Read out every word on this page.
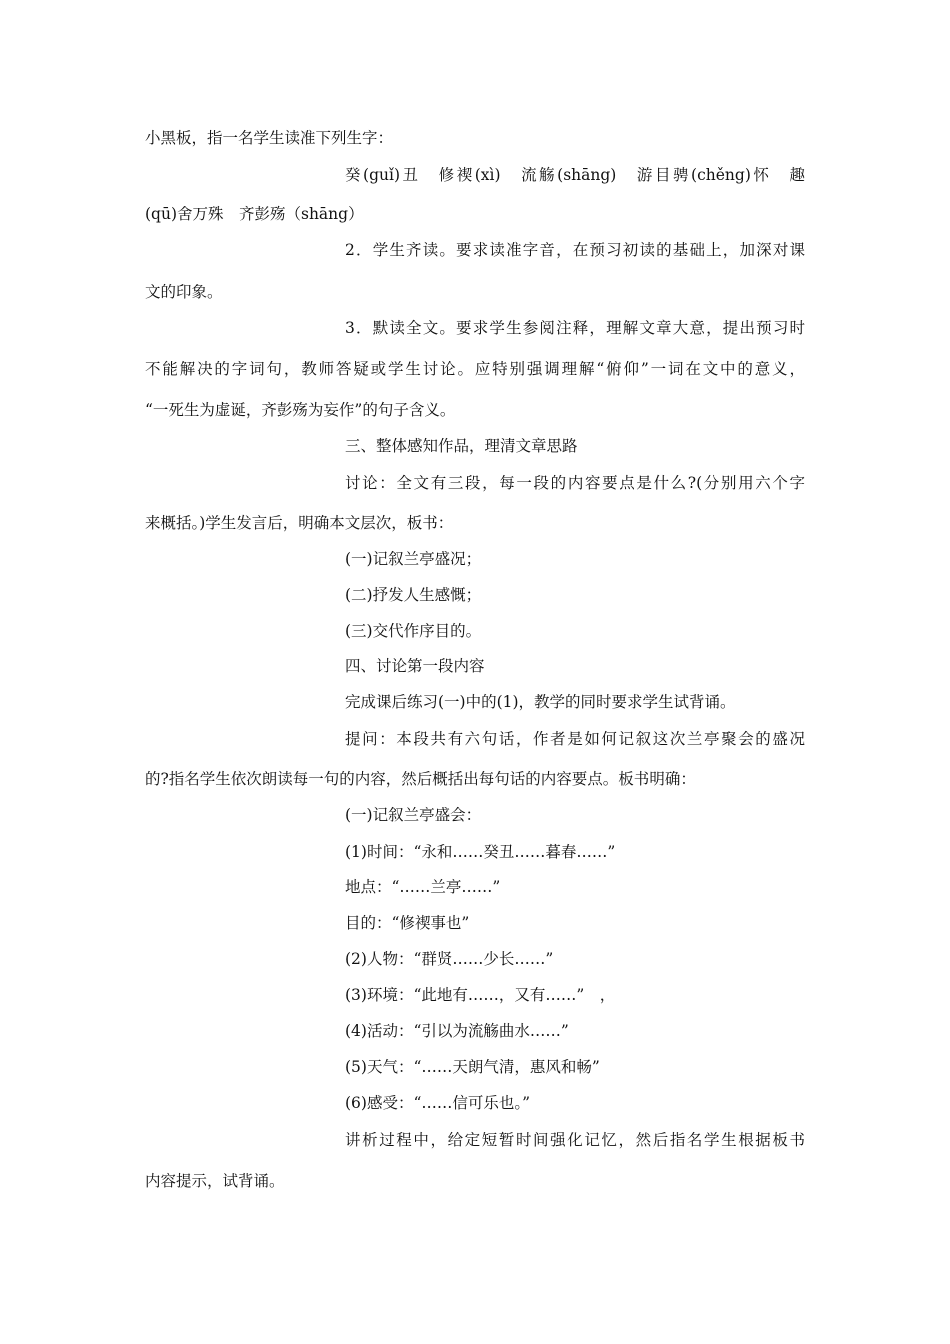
小黑板，指一名学生读准下列生字：
癸(guǐ)丑　修禊(xì)　流觞(shāng)　游目骋(chěng)怀　趣
(qū)舍万殊　齐彭殇（shāng）
2．学生齐读。要求读准字音，在预习初读的基础上，加深对课
文的印象。
3．默读全文。要求学生参阅注释，理解文章大意，提出预习时
不能解决的字词句，教师答疑或学生讨论。应特别强调理解“俯仰”一词在文中的意义，
“一死生为虚诞，齐彭殇为妄作”的句子含义。
三、整体感知作品，理清文章思路
讨论：全文有三段，每一段的内容要点是什么?(分别用六个字
来概括。)学生发言后，明确本文层次，板书：
(一)记叙兰亭盛况；
(二)抒发人生感慨；
(三)交代作序目的。
四、讨论第一段内容
完成课后练习(一)中的(1)，教学的同时要求学生试背诵。
提问：本段共有六句话，作者是如何记叙这次兰亭聚会的盛况
的?指名学生依次朗读每一句的内容，然后概括出每句话的内容要点。板书明确：
(一)记叙兰亭盛会：
(1)时间：“永和……癸丑……暮春……”
地点：“……兰亭……”
目的：“修禊事也”
(2)人物：“群贤……少长……”
(3)环境：“此地有……，又有……”　，
(4)活动：“引以为流觞曲水……”
(5)天气：“……天朗气清，惠风和畅”
(6)感受：“……信可乐也。”
讲析过程中，给定短暂时间强化记忆，然后指名学生根据板书
内容提示，试背诵。
